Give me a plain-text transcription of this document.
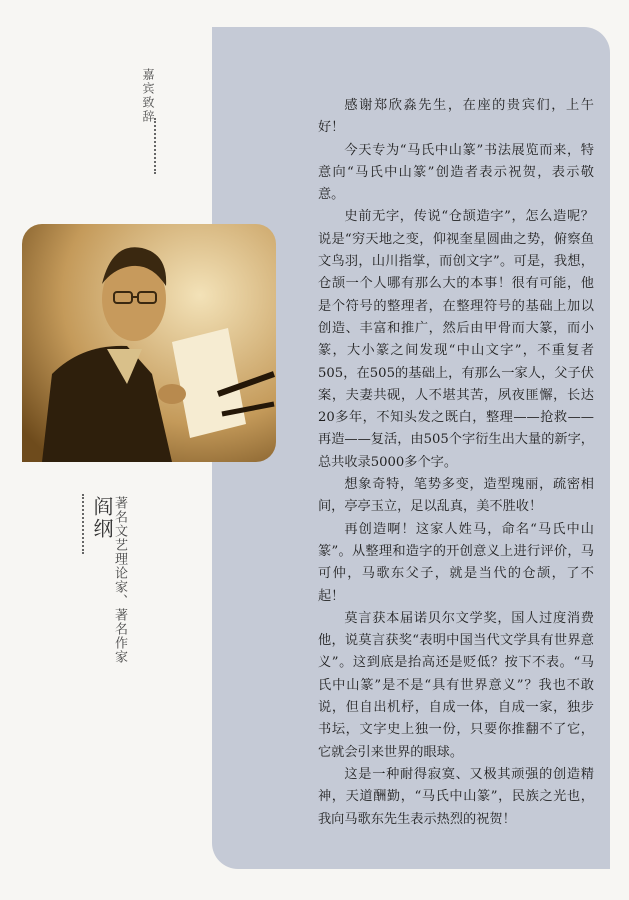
嘉宾致辞
阎纲
著名文艺理论家、著名作家

感谢郑欣淼先生，在座的贵宾们，上午好！

今天专为“马氏中山篆”书法展览而来，特意向“马氏中山篆”创造者表示祝贺，表示敬意。

史前无字，传说“仓颉造字”，怎么造呢？说是“穷天地之变，仰视奎星圆曲之势，俯察鱼文鸟羽，山川指掌，而创文字”。可是，我想，仓颉一个人哪有那么大的本事！很有可能，他是个符号的整理者，在整理符号的基础上加以创造、丰富和推广，然后由甲骨而大篆，而小篆，大小篆之间发现“中山文字”，不重复者505，在505的基础上，有那么一家人，父子伏案，夫妻共砚，人不堪其苦，夙夜匪懈，长达20多年，不知头发之既白，整理——抢救——再造——复活，由505个字衍生出大量的新字，总共收录5000多个字。

想象奇特，笔势多变，造型瑰丽，疏密相间，亭亭玉立，足以乱真，美不胜收！

再创造啊！这家人姓马，命名“马氏中山篆”。从整理和造字的开创意义上进行评价，马可仲，马歌东父子，就是当代的仓颉，了不起！

莫言获本届诺贝尔文学奖，国人过度消费他，说莫言获奖“表明中国当代文学具有世界意义”。这到底是抬高还是贬低？按下不表。“马氏中山篆”是不是“具有世界意义”？我也不敢说，但自出机杼，自成一体，自成一家，独步书坛，文字史上独一份，只要你推翻不了它，它就会引来世界的眼球。

这是一种耐得寂寞、又极其顽强的创造精神，天道酬勤，“马氏中山篆”，民族之光也，我向马歌东先生表示热烈的祝贺！
